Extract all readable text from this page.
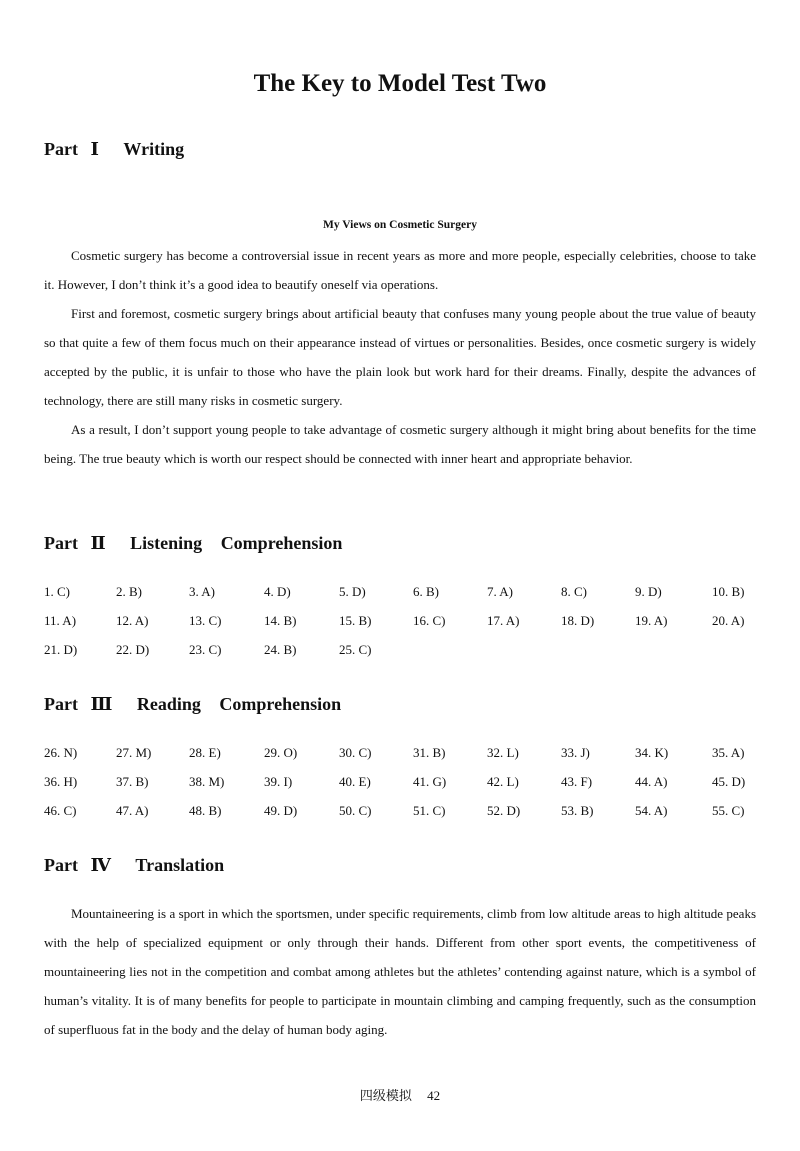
The Key to Model Test Two
Part Ⅰ Writing
My Views on Cosmetic Surgery
Cosmetic surgery has become a controversial issue in recent years as more and more people, especially celebrities, choose to take it. However, I don’t think it’s a good idea to beautify oneself via operations.
First and foremost, cosmetic surgery brings about artificial beauty that confuses many young people about the true value of beauty so that quite a few of them focus much on their appearance instead of virtues or personalities. Besides, once cosmetic surgery is widely accepted by the public, it is unfair to those who have the plain look but work hard for their dreams. Finally, despite the advances of technology, there are still many risks in cosmetic surgery.
As a result, I don’t support young people to take advantage of cosmetic surgery although it might bring about benefits for the time being. The true beauty which is worth our respect should be connected with inner heart and appropriate behavior.
Part Ⅱ Listening Comprehension
1. C)	2. B)	3. A)	4. D)	5. D)	6. B)	7. A)	8. C)	9. D)	10. B)
11. A)	12. A)	13. C)	14. B)	15. B)	16. C)	17. A)	18. D)	19. A)	20. A)
21. D)	22. D)	23. C)	24. B)	25. C)
Part Ⅲ Reading Comprehension
26. N)	27. M)	28. E)	29. O)	30. C)	31. B)	32. L)	33. J)	34. K)	35. A)
36. H)	37. B)	38. M)	39. I)	40. E)	41. G)	42. L)	43. F)	44. A)	45. D)
46. C)	47. A)	48. B)	49. D)	50. C)	51. C)	52. D)	53. B)	54. A)	55. C)
Part Ⅳ Translation
Mountaineering is a sport in which the sportsmen, under specific requirements, climb from low altitude areas to high altitude peaks with the help of specialized equipment or only through their hands. Different from other sport events, the competitiveness of mountaineering lies not in the competition and combat among athletes but the athletes’ contending against nature, which is a symbol of human’s vitality. It is of many benefits for people to participate in mountain climbing and camping frequently, such as the consumption of superfluous fat in the body and the delay of human body aging.
四级模拟 42
